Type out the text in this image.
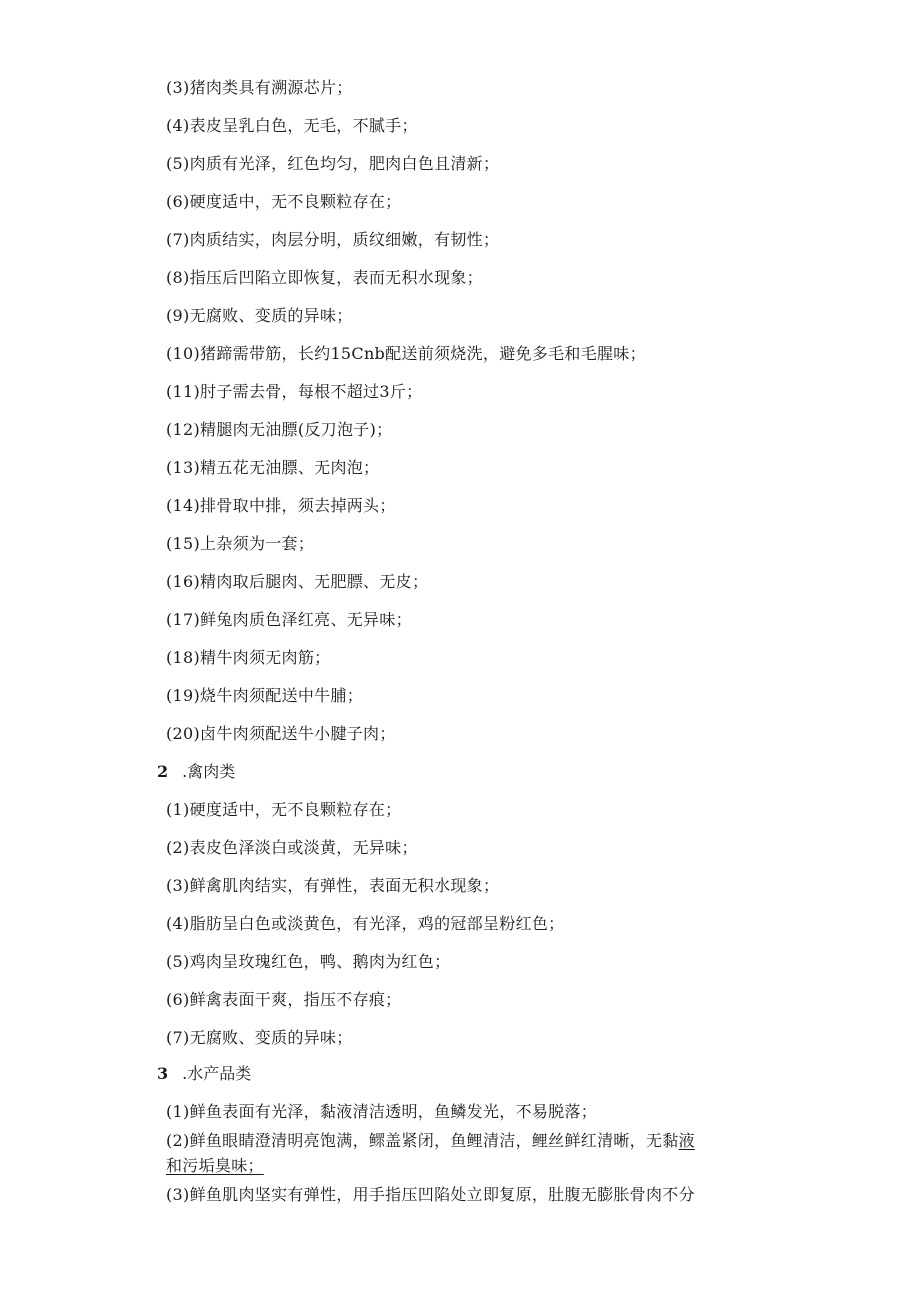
(3)猪肉类具有溯源芯片；
(4)表皮呈乳白色，无毛，不腻手；
(5)肉质有光泽，红色均匀，肥肉白色且清新；
(6)硬度适中，无不良颗粒存在；
(7)肉质结实，肉层分明，质纹细嫩，有韧性；
(8)指压后凹陷立即恢复，表而无积水现象；
(9)无腐败、变质的异味；
(10)猪蹄需带筋，长约15Cnb配送前须烧洗，避免多毛和毛腥味；
(11)肘子需去骨，每根不超过3斤；
(12)精腿肉无油膘(反刀泡子)；
(13)精五花无油膘、无肉泡；
(14)排骨取中排，须去掉两头；
(15)上杂须为一套；
(16)精肉取后腿肉、无肥膘、无皮；
(17)鲜兔肉质色泽红亮、无异味；
(18)精牛肉须无肉筋；
(19)烧牛肉须配送中牛脯；
(20)卤牛肉须配送牛小腱子肉；
2 .禽肉类
(1)硬度适中，无不良颗粒存在；
(2)表皮色泽淡白或淡黄，无异味；
(3)鲜禽肌肉结实，有弹性，表面无积水现象；
(4)脂肪呈白色或淡黄色，有光泽，鸡的冠部呈粉红色；
(5)鸡肉呈玫瑰红色，鸭、鹅肉为红色；
(6)鲜禽表面干爽，指压不存痕；
(7)无腐败、变质的异味；
3 .水产品类
(1)鲜鱼表面有光泽，黏液清洁透明，鱼鳞发光，不易脱落；
(2)鲜鱼眼睛澄清明亮饱满，鳏盖紧闭，鱼鲤清洁，鲤丝鲜红清晰，无黏液
和污垢臭味；
(3)鲜鱼肌肉坚实有弹性，用手指压凹陷处立即复原，肚腹无膨胀骨肉不分
